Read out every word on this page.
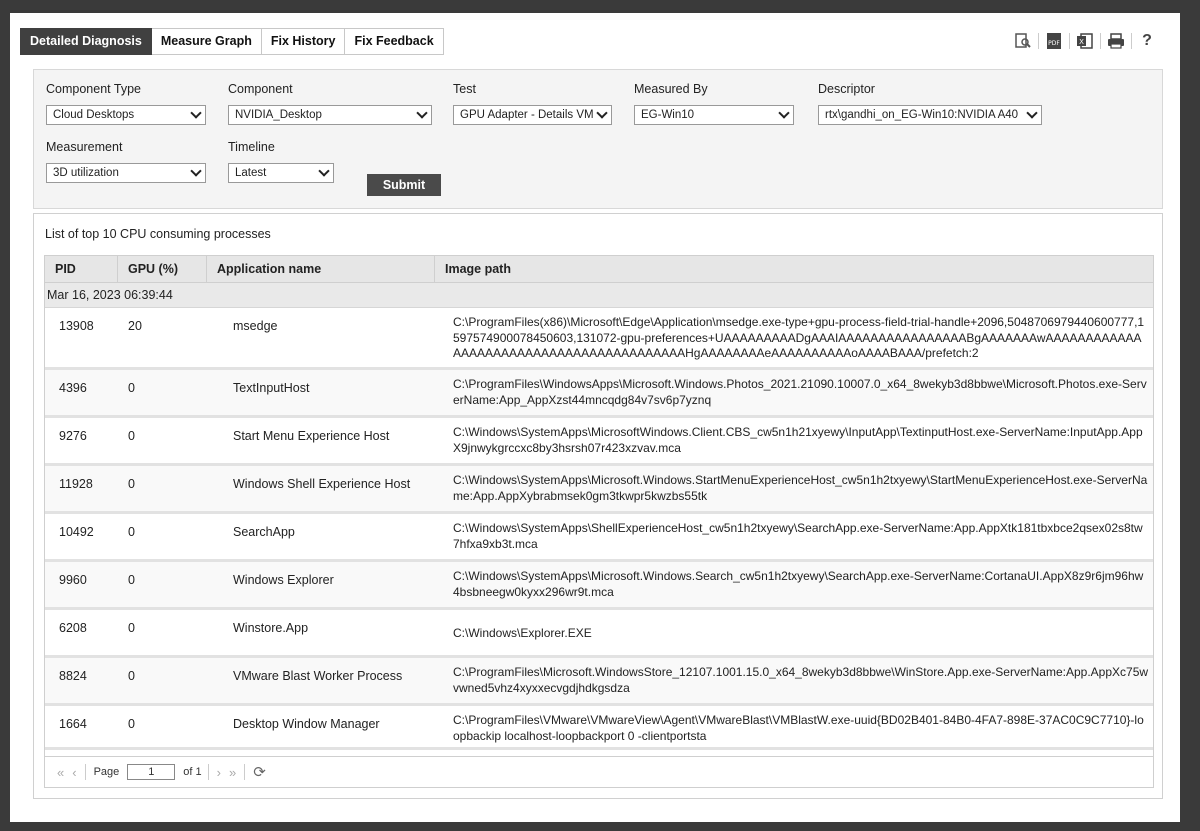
Detailed Diagnosis	Measure Graph	Fix History	Fix Feedback	PDF	X	?
Component Type
Cloud Desktops
Component
NVIDIA_Desktop
Test
GPU Adapter - Details VM
Measured By
EG-Win10
Descriptor
rtx\gandhi_on_EG-Win10:NVIDIA A40
Measurement
3D utilization
Timeline
Latest
Submit
List of top 10 CPU consuming processes
PID	GPU (%)	Application name	Image path
Mar 16, 2023 06:39:44
13908	20	msedge	C:\ProgramFiles(x86)\Microsoft\Edge\Application\msedge.exe-type+gpu-process-field-trial-handle+2096,5048706979440600777,1597574900078450603,131072-gpu-preferences+UAAAAAAAAADgAAAIAAAAAAAAAAAAAAAABgAAAAAAAwAAAAAAAAAAAAAAAAAAAAAAAAAAAAAAAAAAAAAAAAAHgAAAAAAAAeAAAAAAAAAAoAAAABAAA/prefetch:2
4396	0	TextInputHost	C:\ProgramFiles\WindowsApps\Microsoft.Windows.Photos_2021.21090.10007.0_x64_8wekyb3d8bbwe\Microsoft.Photos.exe-ServerName:App_AppXzst44mncqdg84v7sv6p7yznq
9276	0	Start Menu Experience Host	C:\Windows\SystemApps\MicrosoftWindows.Client.CBS_cw5n1h21xyewy\InputApp\TextinputHost.exe-ServerName:InputApp.AppX9jnwykgrccxc8by3hsrsh07r423xzvav.mca
11928	0	Windows Shell Experience Host	C:\Windows\SystemApps\Microsoft.Windows.StartMenuExperienceHost_cw5n1h2txyewy\StartMenuExperienceHost.exe-ServerName:App.AppXybrabmsek0gm3tkwpr5kwzbs55tk
10492	0	SearchApp	C:\Windows\SystemApps\ShellExperienceHost_cw5n1h2txyewy\SearchApp.exe-ServerName:App.AppXtk181tbxbce2qsex02s8tw7hfxa9xb3t.mca
9960	0	Windows Explorer	C:\Windows\SystemApps\Microsoft.Windows.Search_cw5n1h2txyewy\SearchApp.exe-ServerName:CortanaUI.AppX8z9r6jm96hw4bsbneegw0kyxx296wr9t.mca
6208	0	Winstore.App	C:\Windows\Explorer.EXE
8824	0	VMware Blast Worker Process	C:\ProgramFiles\Microsoft.WindowsStore_12107.1001.15.0_x64_8wekyb3d8bbwe\WinStore.App.exe-ServerName:App.AppXc75wvwned5vhz4xyxxecvgdjhdkgsdza
1664	0	Desktop Window Manager	C:\ProgramFiles\VMware\VMwareView\Agent\VMwareBlast\VMBlastW.exe-uuid{BD02B401-84B0-4FA7-898E-37AC0C9C7710}-loopbackip localhost-loopbackport 0 -clientportsta
« ‹ Page	1	of 1 › » ⟳
